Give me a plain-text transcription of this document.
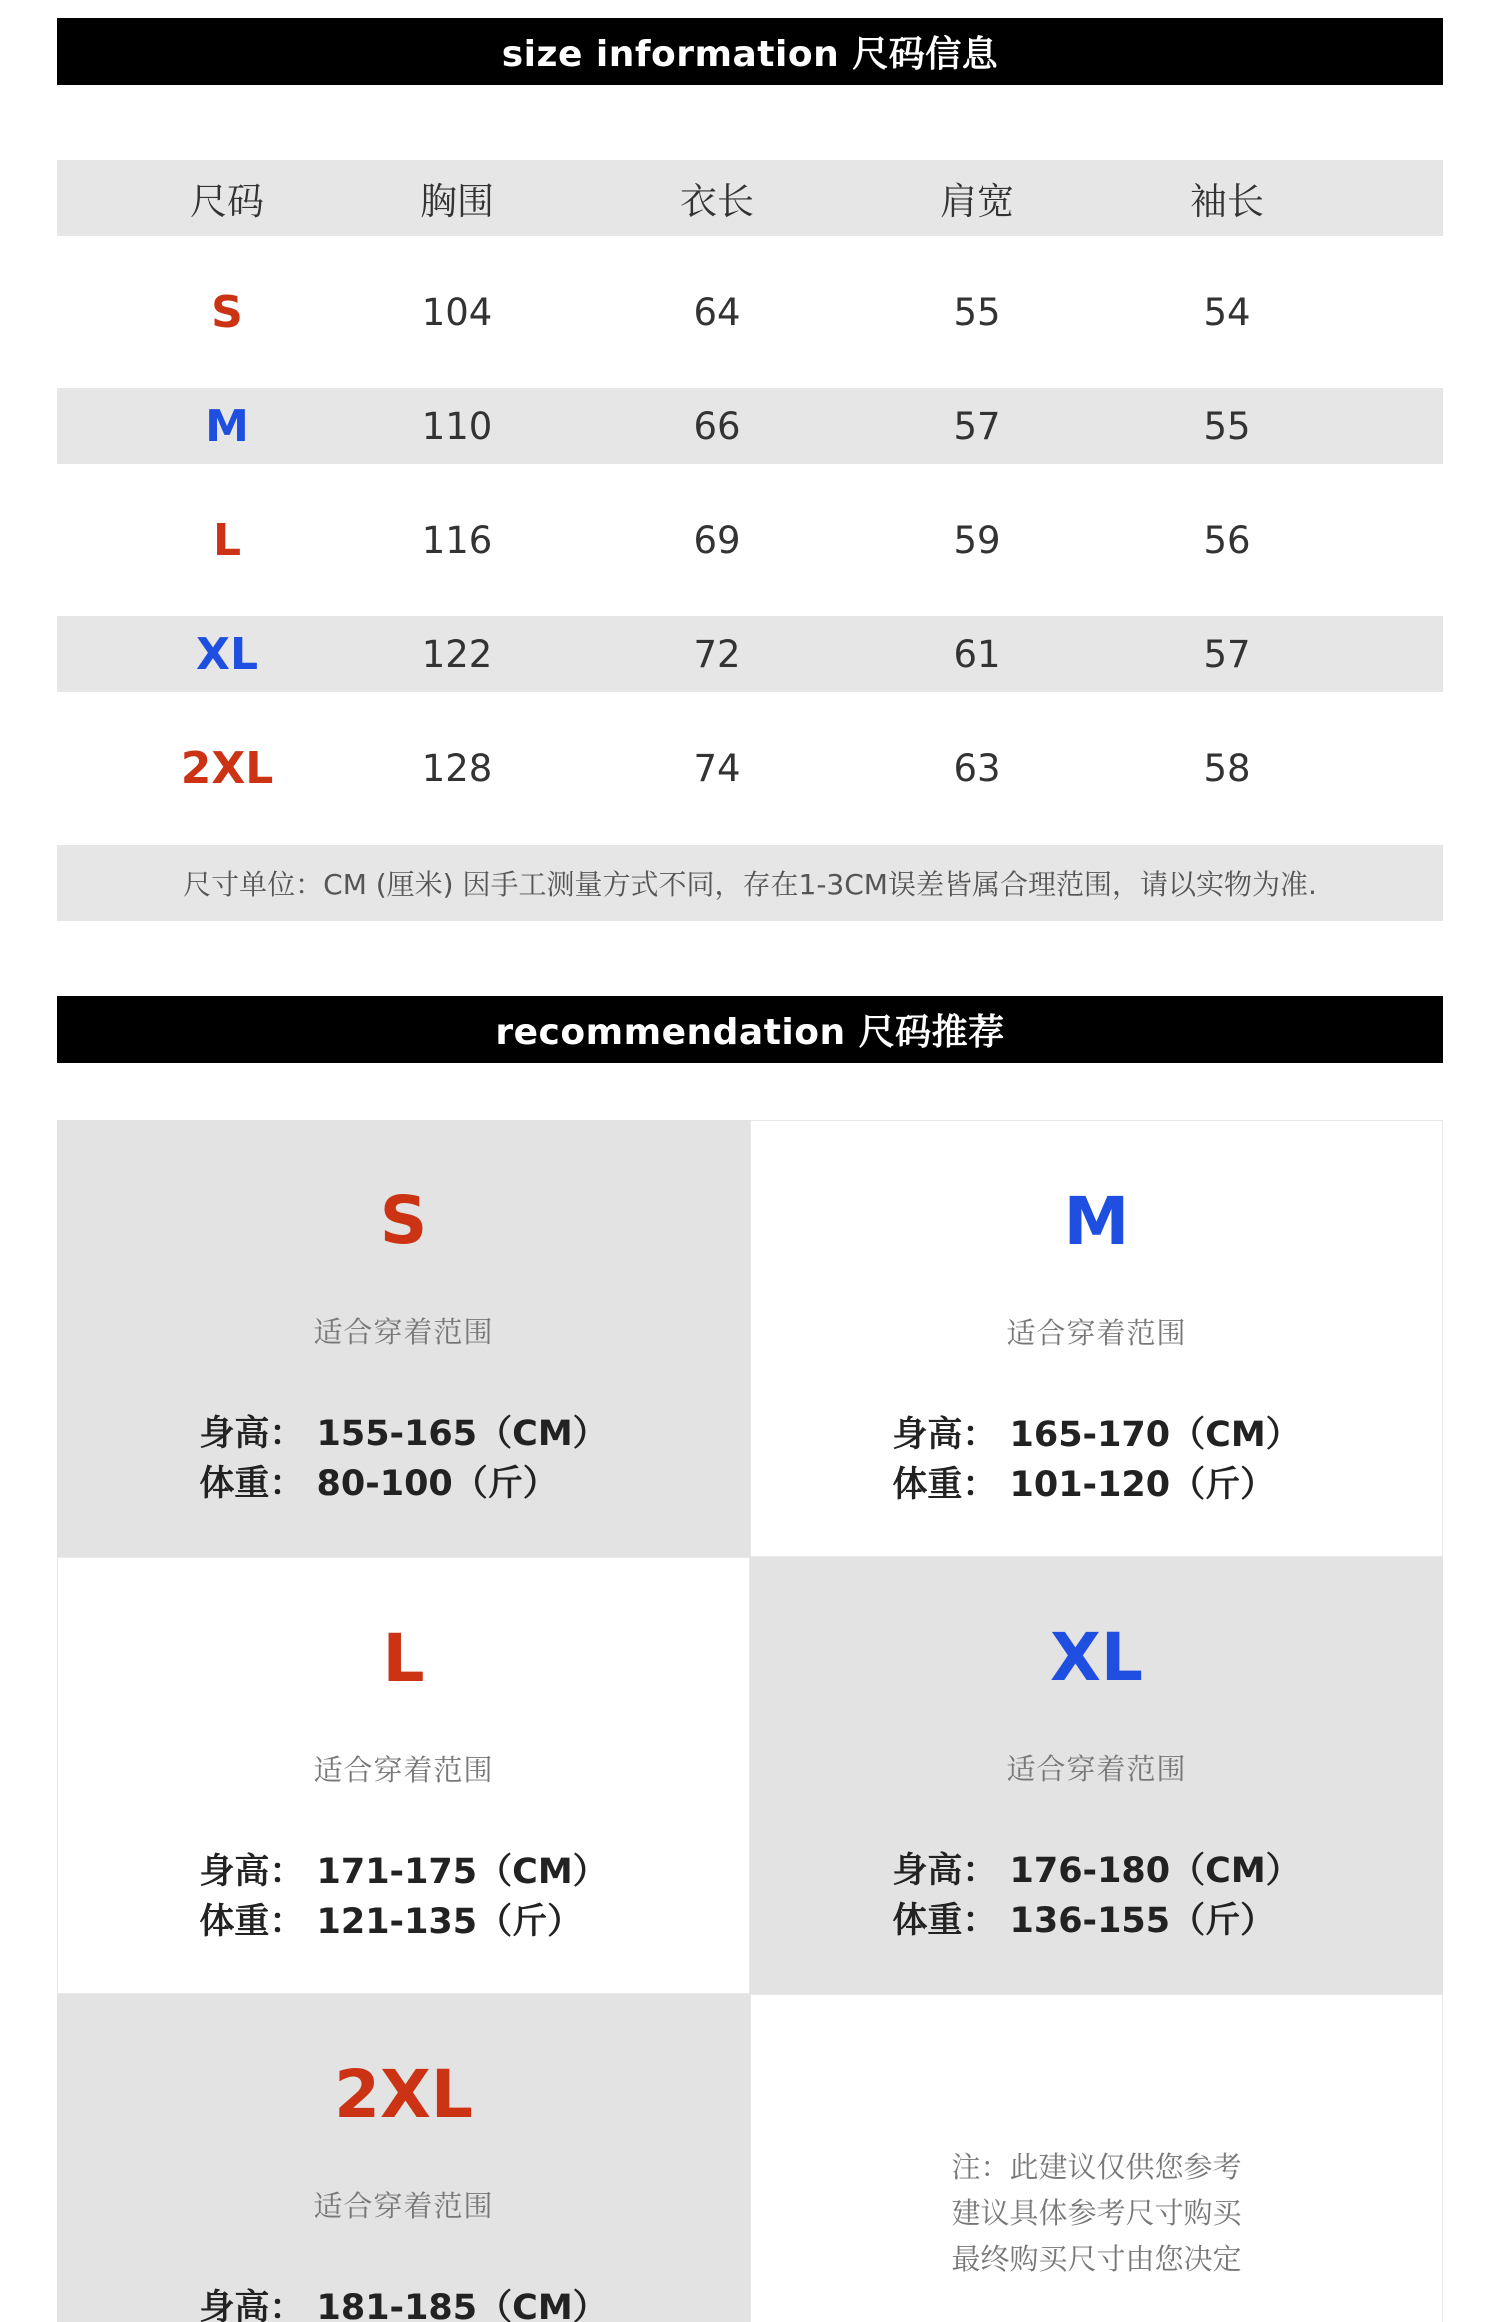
size information 尺码信息
尺码	胸围	衣长	肩宽	袖长
S	104	64	55	54
M	110	66	57	55
L	116	69	59	56
XL	122	72	61	57
2XL	128	74	63	58
尺寸单位：CM (厘米) 因手工测量方式不同，存在1-3CM误差皆属合理范围，请以实物为准.
recommendation 尺码推荐
S
适合穿着范围
身高： 155-165（CM）
体重： 80-100（斤）
M
适合穿着范围
身高： 165-170（CM）
体重： 101-120（斤）
L
适合穿着范围
身高： 171-175（CM）
体重： 121-135（斤）
XL
适合穿着范围
身高： 176-180（CM）
体重： 136-155（斤）
2XL
适合穿着范围
身高： 181-185（CM）
注：此建议仅供您参考
建议具体参考尺寸购买
最终购买尺寸由您决定
